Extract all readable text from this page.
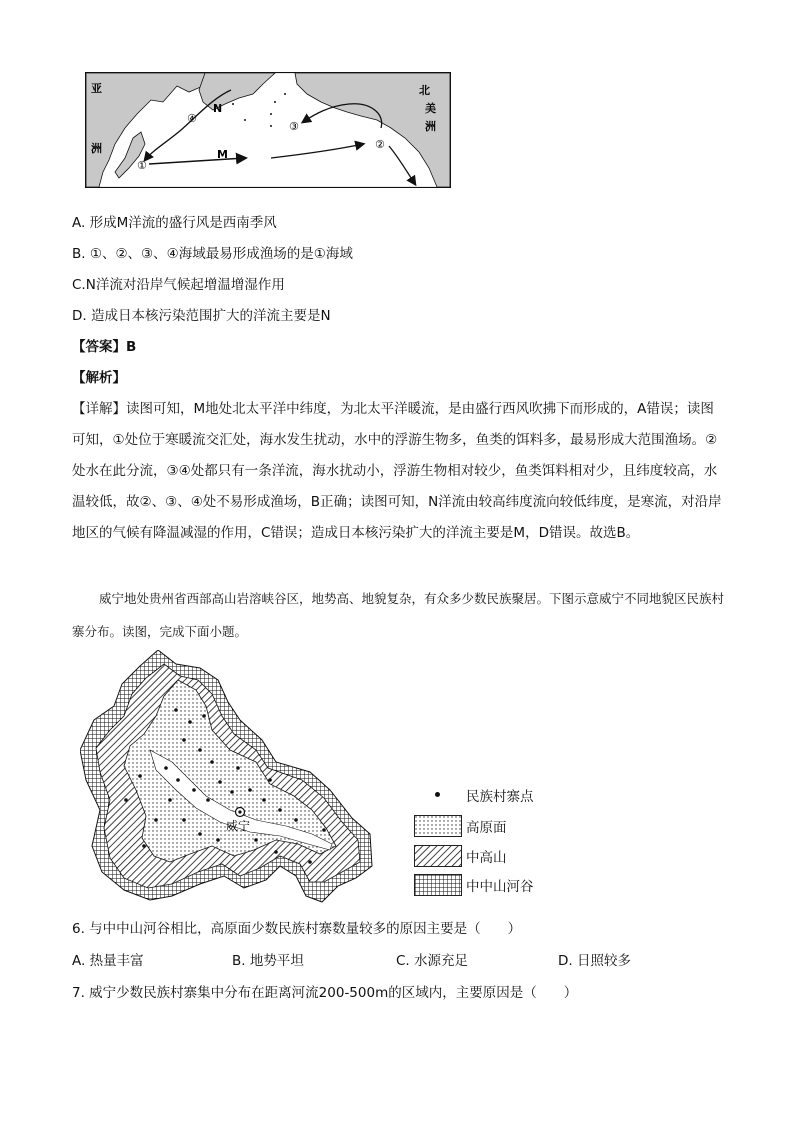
亚
洲
北
美
洲
M
N
①
②
③
④
A. 形成M洋流的盛行风是西南季风
B. ①、②、③、④海域最易形成渔场的是①海域
C.N洋流对沿岸气候起增温增湿作用
D. 造成日本核污染范围扩大的洋流主要是N
【答案】B
【解析】
【详解】读图可知，M地处北太平洋中纬度，为北太平洋暖流，是由盛行西风吹拂下而形成的，A错误；读图可知，①处位于寒暖流交汇处，海水发生扰动，水中的浮游生物多，鱼类的饵料多，最易形成大范围渔场。②处水在此分流，③④处都只有一条洋流，海水扰动小，浮游生物相对较少，鱼类饵料相对少，且纬度较高，水温较低，故②、③、④处不易形成渔场，B正确；读图可知，N洋流由较高纬度流向较低纬度，是寒流，对沿岸地区的气候有降温减湿的作用，C错误；造成日本核污染扩大的洋流主要是M，D错误。故选B。
威宁地处贵州省西部高山岩溶峡谷区，地势高、地貌复杂，有众多少数民族聚居。下图示意威宁不同地貌区民族村寨分布。读图，完成下面小题。
威宁
民族村寨点
高原面
中高山
中中山河谷
6. 与中中山河谷相比，高原面少数民族村寨数量较多的原因主要是（　　）
A. 热量丰富	B. 地势平坦	C. 水源充足	D. 日照较多
7. 威宁少数民族村寨集中分布在距离河流200-500m的区域内，主要原因是（　　）
